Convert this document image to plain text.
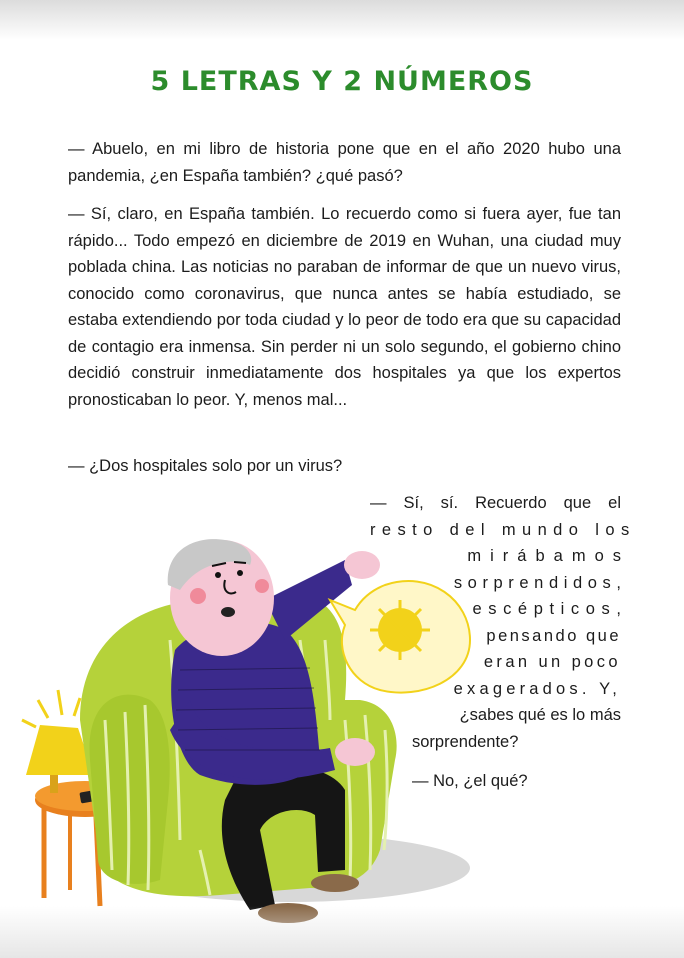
5 LETRAS Y 2 NÚMEROS

— Abuelo, en mi libro de historia pone que en el año 2020 hubo una pandemia, ¿en España también? ¿qué pasó?

— Sí, claro, en España también. Lo recuerdo como si fuera ayer, fue tan rápido... Todo empezó en diciembre de 2019 en Wuhan, una ciudad muy poblada china. Las noticias no paraban de informar de que un nuevo virus, conocido como coronavirus, que nunca antes se había estudiado, se estaba extendiendo por toda ciudad y lo peor de todo era que su capacidad de contagio era inmensa. Sin perder ni un solo segundo, el gobierno chino decidió construir inmediatamente dos hospitales ya que los expertos pronosticaban lo peor. Y, menos mal...

— ¿Dos hospitales solo por un virus?

— Sí, sí. Recuerdo que el
resto del mundo los
mirábamos
sorprendidos,
escépticos,
pensando que
eran un poco
exagerados. Y,
¿sabes qué es lo más
sorprendente?

— No, ¿el qué?
